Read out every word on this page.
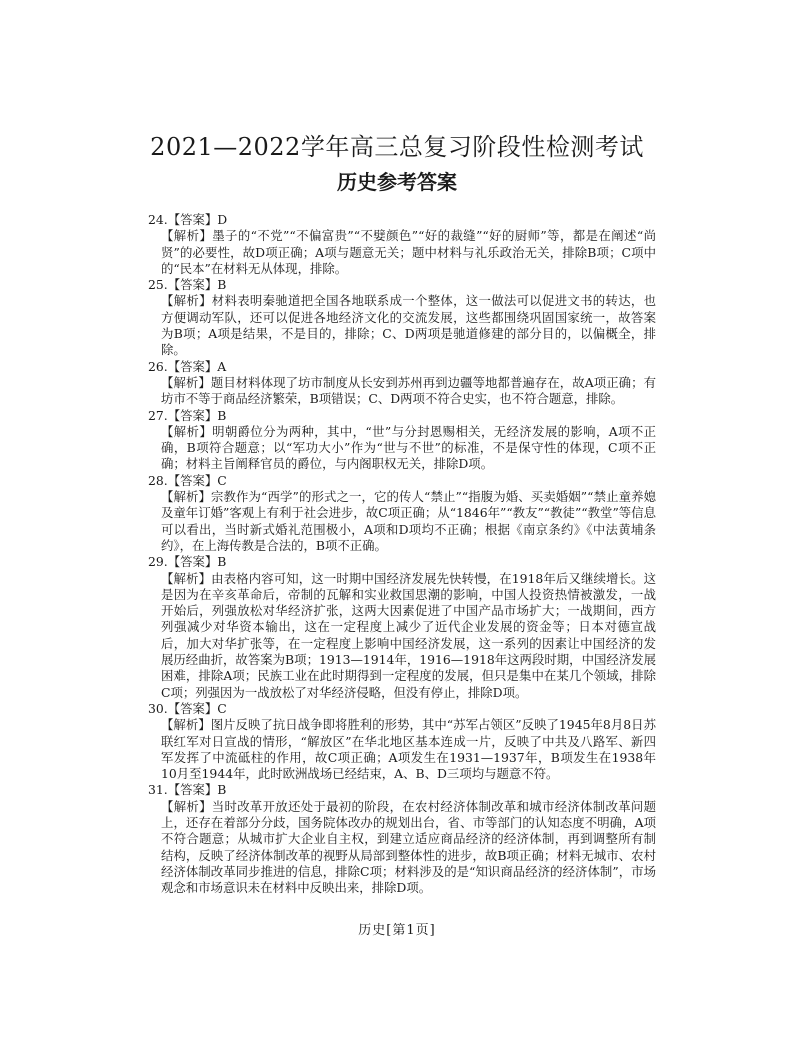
2021—2022学年高三总复习阶段性检测考试
历史参考答案

24.【答案】D

【解析】墨子的“不党”“不偏富贵”“不嬖颜色”“好的裁缝”“好的厨师”等，都是在阐述“尚贤”的必要性，故D项正确；A项与题意无关；题中材料与礼乐政治无关，排除B项；C项中的“民本”在材料无从体现，排除。

25.【答案】B

【解析】材料表明秦驰道把全国各地联系成一个整体，这一做法可以促进文书的转达，也方便调动军队，还可以促进各地经济文化的交流发展，这些都围绕巩固国家统一，故答案为B项；A项是结果，不是目的，排除；C、D两项是驰道修建的部分目的，以偏概全，排除。

26.【答案】A

【解析】题目材料体现了坊市制度从长安到苏州再到边疆等地都普遍存在，故A项正确；有坊市不等于商品经济繁荣，B项错误；C、D两项不符合史实，也不符合题意，排除。

27.【答案】B

【解析】明朝爵位分为两种，其中，“世”与分封恩赐相关，无经济发展的影响，A项不正确，B项符合题意；以“军功大小”作为“世与不世”的标准，不是保守性的体现，C项不正确；材料主旨阐释官员的爵位，与内阁职权无关，排除D项。

28.【答案】C

【解析】宗教作为“西学”的形式之一，它的传人“禁止”“指腹为婚、买卖婚姻”“禁止童养媳及童年订婚”客观上有利于社会进步，故C项正确；从“1846年”“教友”“教徒”“教堂”等信息可以看出，当时新式婚礼范围极小，A项和D项均不正确；根据《南京条约》《中法黄埔条约》，在上海传教是合法的，B项不正确。

29.【答案】B

【解析】由表格内容可知，这一时期中国经济发展先快转慢，在1918年后又继续增长。这是因为在辛亥革命后，帝制的瓦解和实业救国思潮的影响，中国人投资热情被激发，一战开始后，列强放松对华经济扩张，这两大因素促进了中国产品市场扩大；一战期间，西方列强减少对华资本输出，这在一定程度上减少了近代企业发展的资金等；日本对德宣战后，加大对华扩张等，在一定程度上影响中国经济发展，这一系列的因素让中国经济的发展历经曲折，故答案为B项；1913—1914年，1916—1918年这两段时期，中国经济发展困难，排除A项；民族工业在此时期得到一定程度的发展，但只是集中在某几个领域，排除C项；列强因为一战放松了对华经济侵略，但没有停止，排除D项。

30.【答案】C

【解析】图片反映了抗日战争即将胜利的形势，其中“苏军占领区”反映了1945年8月8日苏联红军对日宣战的情形，“解放区”在华北地区基本连成一片，反映了中共及八路军、新四军发挥了中流砥柱的作用，故C项正确；A项发生在1931—1937年，B项发生在1938年10月至1944年，此时欧洲战场已经结束，A、B、D三项均与题意不符。

31.【答案】B

【解析】当时改革开放还处于最初的阶段，在农村经济体制改革和城市经济体制改革问题上，还存在着部分分歧，国务院体改办的规划出台，省、市等部门的认知态度不明确，A项不符合题意；从城市扩大企业自主权，到建立适应商品经济的经济体制，再到调整所有制结构，反映了经济体制改革的视野从局部到整体性的进步，故B项正确；材料无城市、农村经济体制改革同步推进的信息，排除C项；材料涉及的是“知识商品经济的经济体制”，市场观念和市场意识未在材料中反映出来，排除D项。

历史[第1页]
